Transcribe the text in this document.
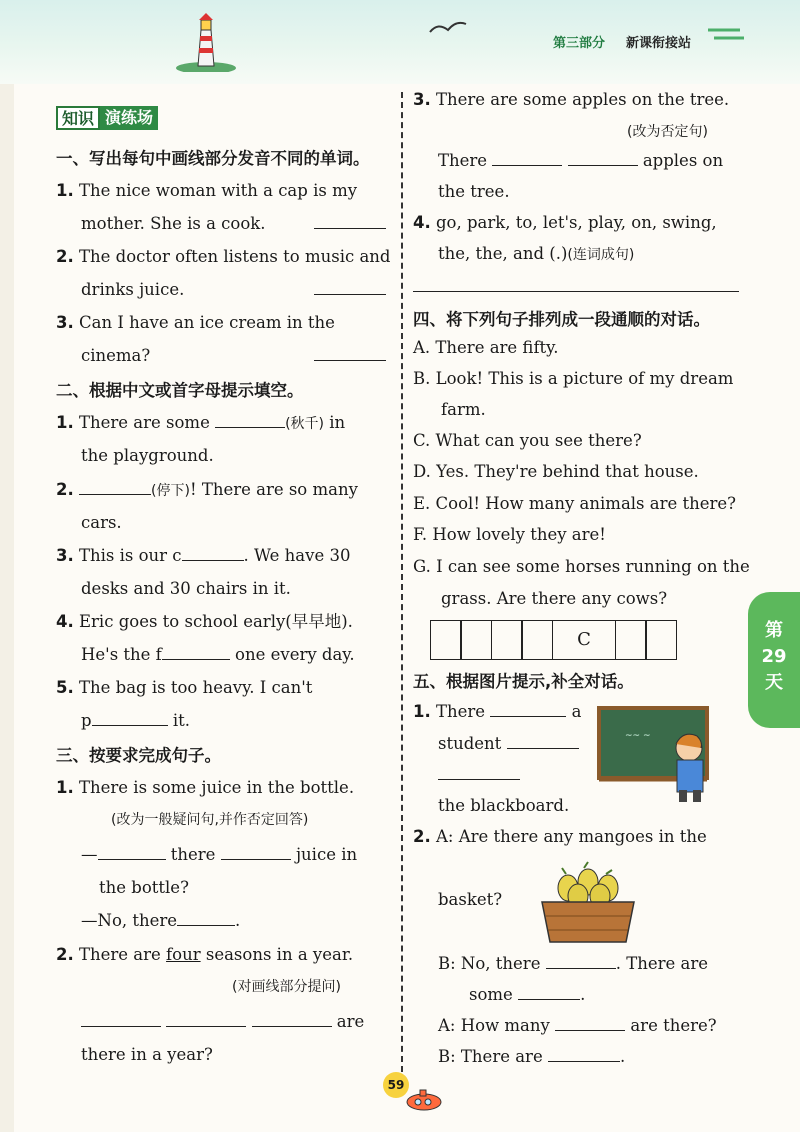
第三部分 新课衔接站
知识 演练场
一、写出每句中画线部分发音不同的单词。
1. The nice woman with a cap is my
mother. She is a cook.
2. The doctor often listens to music and
drinks juice.
3. Can I have an ice cream in the
cinema?
二、根据中文或首字母提示填空。
1. There are some	(秋千) in
the playground.
2.	(停下)! There are so many
cars.
3. This is our c	. We have 30
desks and 30 chairs in it.
4. Eric goes to school early(早早地).
He's the f	one every day.
5. The bag is too heavy. I can't
p	it.
三、按要求完成句子。
1. There is some juice in the bottle.
(改为一般疑问句,并作否定回答)
—	there	juice in
the bottle?
—No, there	.
2. There are four seasons in a year.
(对画线部分提问)
are
there in a year?
3. There are some apples on the tree.
(改为否定句)
There	apples on
the tree.
4. go, park, to, let's, play, on, swing,
the, the, and (.)(连词成句)
四、将下列句子排列成一段通顺的对话。
A. There are fifty.
B. Look! This is a picture of my dream
farm.
C. What can you see there?
D. Yes. They're behind that house.
E. Cool! How many animals are there?
F. How lovely they are!
G. I can see some horses running on the
grass. Are there any cows?
五、根据图片提示,补全对话。
1. There	a
student
the blackboard.
2. A: Are there any mangoes in the
basket?
B: No, there	. There are
some	.
A: How many	are there?
B: There are	.
C
~~ ~
第
29
天
59
